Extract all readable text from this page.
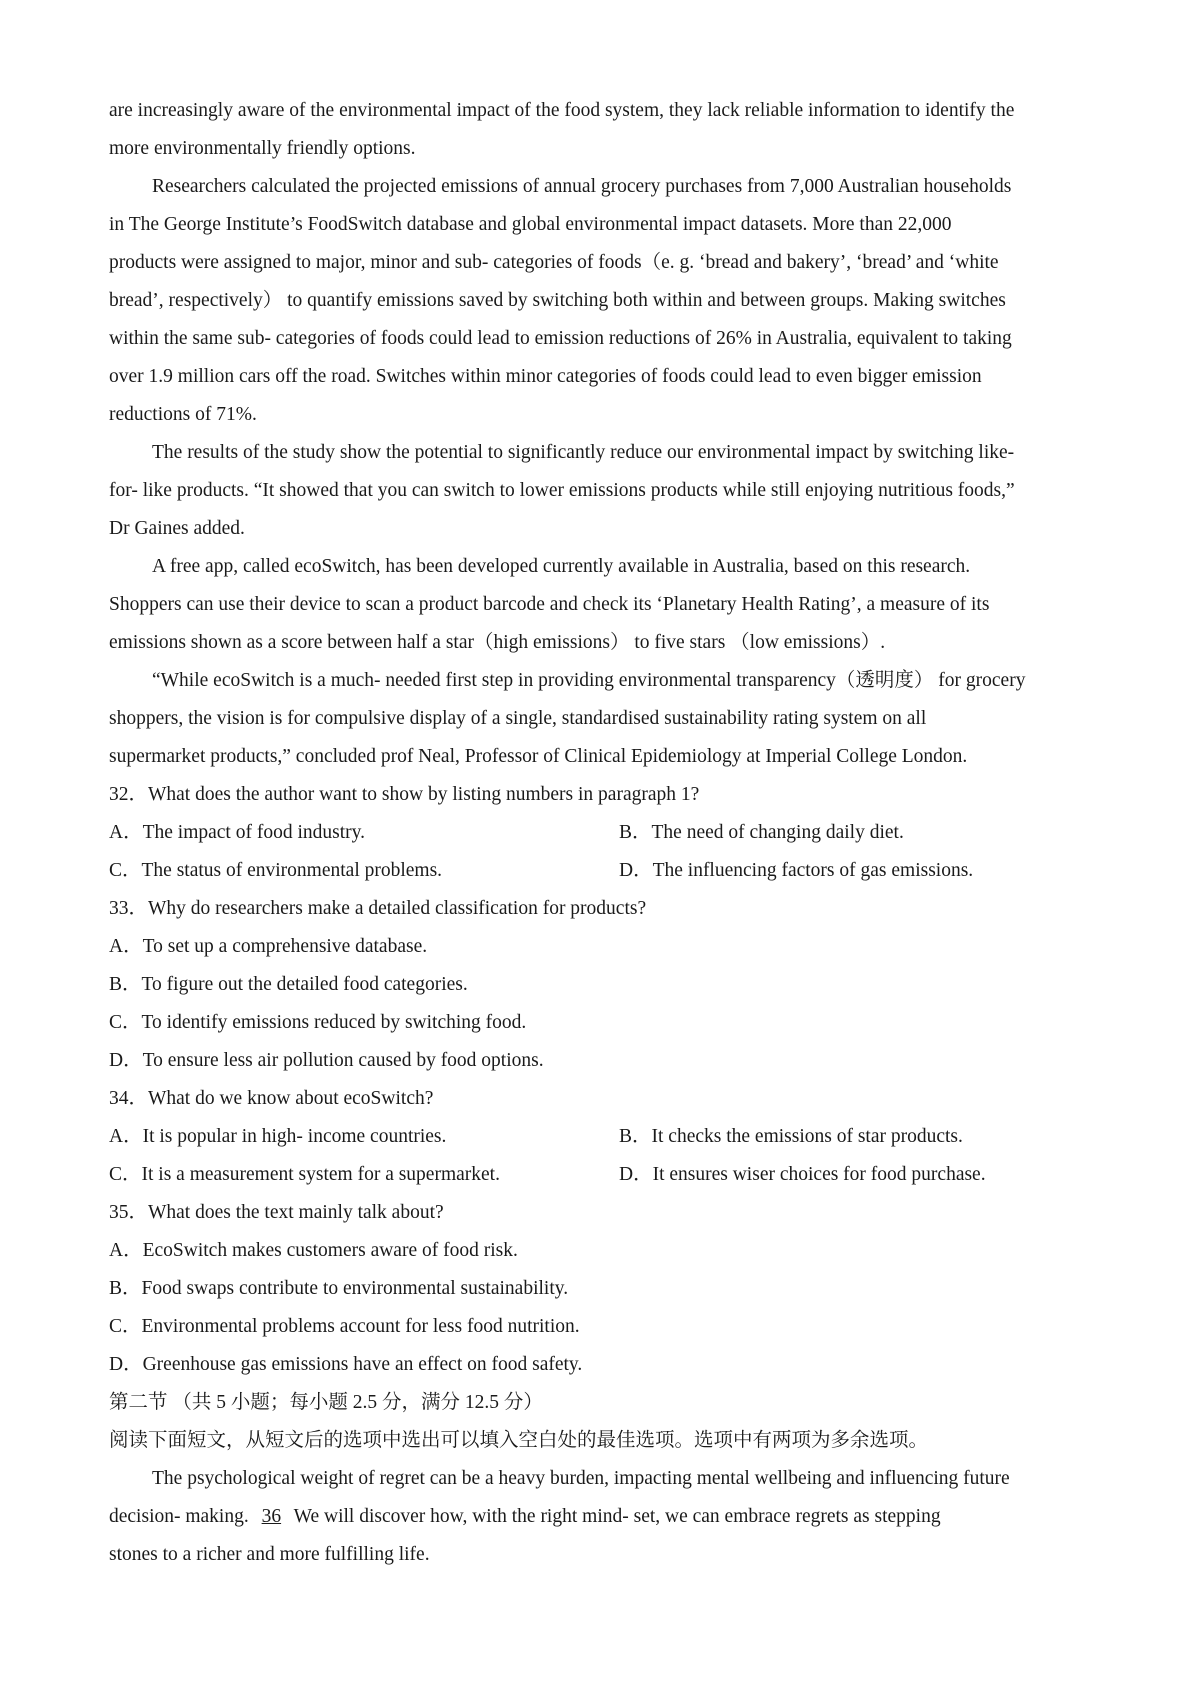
are increasingly aware of the environmental impact of the food system, they lack reliable information to identify the
more environmentally friendly options.
Researchers calculated the projected emissions of annual grocery purchases from 7,000 Australian households
in The George Institute’s FoodSwitch database and global environmental impact datasets. More than 22,000
products were assigned to major, minor and sub- categories of foods（e. g. ‘bread and bakery’, ‘bread’ and ‘white
bread’, respectively） to quantify emissions saved by switching both within and between groups. Making switches
within the same sub- categories of foods could lead to emission reductions of 26% in Australia, equivalent to taking
over 1.9 million cars off the road. Switches within minor categories of foods could lead to even bigger emission
reductions of 71%.
The results of the study show the potential to significantly reduce our environmental impact by switching like-
for- like products. “It showed that you can switch to lower emissions products while still enjoying nutritious foods,”
Dr Gaines added.
A free app, called ecoSwitch, has been developed currently available in Australia, based on this research.
Shoppers can use their device to scan a product barcode and check its ‘Planetary Health Rating’, a measure of its
emissions shown as a score between half a star（high emissions） to five stars （low emissions）.
“While ecoSwitch is a much- needed first step in providing environmental transparency（透明度） for grocery
shoppers, the vision is for compulsive display of a single, standardised sustainability rating system on all
supermarket products,” concluded prof Neal, Professor of Clinical Epidemiology at Imperial College London.
32．What does the author want to show by listing numbers in paragraph 1?
A．The impact of food industry.	B．The need of changing daily diet.
C．The status of environmental problems.	D．The influencing factors of gas emissions.
33．Why do researchers make a detailed classification for products?
A．To set up a comprehensive database.
B．To figure out the detailed food categories.
C．To identify emissions reduced by switching food.
D．To ensure less air pollution caused by food options.
34．What do we know about ecoSwitch?
A．It is popular in high- income countries.	B．It checks the emissions of star products.
C．It is a measurement system for a supermarket.	D．It ensures wiser choices for food purchase.
35．What does the text mainly talk about?
A．EcoSwitch makes customers aware of food risk.
B．Food swaps contribute to environmental sustainability.
C．Environmental problems account for less food nutrition.
D．Greenhouse gas emissions have an effect on food safety.
第二节 （共 5 小题；每小题 2.5 分，满分 12.5 分）
阅读下面短文，从短文后的选项中选出可以填入空白处的最佳选项。选项中有两项为多余选项。
The psychological weight of regret can be a heavy burden, impacting mental wellbeing and influencing future
decision- making. 36 We will discover how, with the right mind- set, we can embrace regrets as stepping
stones to a richer and more fulfilling life.
